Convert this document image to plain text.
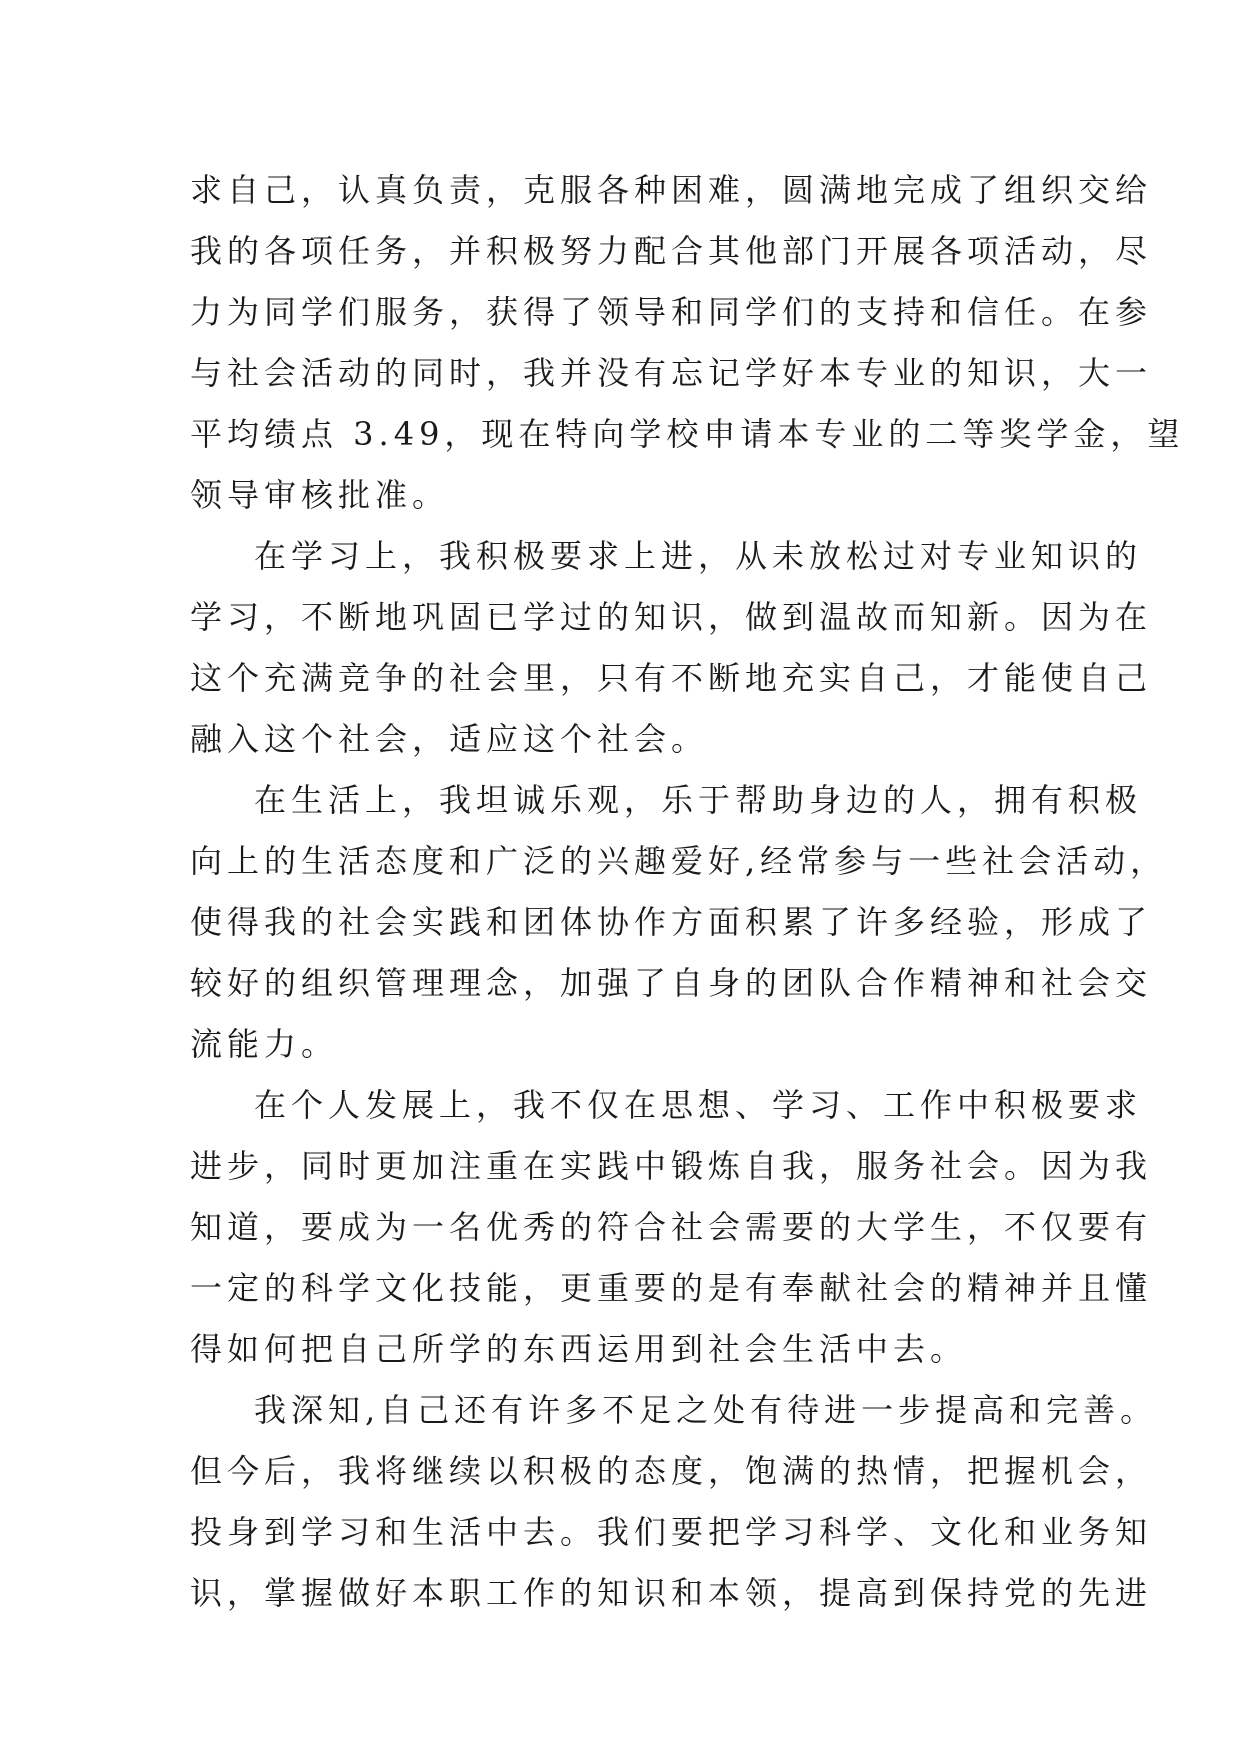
求自己，认真负责，克服各种困难，圆满地完成了组织交给
我的各项任务，并积极努力配合其他部门开展各项活动，尽
力为同学们服务，获得了领导和同学们的支持和信任。在参
与社会活动的同时，我并没有忘记学好本专业的知识，大一
平均绩点 3.49，现在特向学校申请本专业的二等奖学金，望
领导审核批准。

在学习上，我积极要求上进，从未放松过对专业知识的
学习，不断地巩固已学过的知识，做到温故而知新。因为在
这个充满竞争的社会里，只有不断地充实自己，才能使自己
融入这个社会，适应这个社会。

在生活上，我坦诚乐观，乐于帮助身边的人，拥有积极
向上的生活态度和广泛的兴趣爱好,经常参与一些社会活动，
使得我的社会实践和团体协作方面积累了许多经验，形成了
较好的组织管理理念，加强了自身的团队合作精神和社会交
流能力。

在个人发展上，我不仅在思想、学习、工作中积极要求
进步，同时更加注重在实践中锻炼自我，服务社会。因为我
知道，要成为一名优秀的符合社会需要的大学生，不仅要有
一定的科学文化技能，更重要的是有奉献社会的精神并且懂
得如何把自己所学的东西运用到社会生活中去。

我深知,自己还有许多不足之处有待进一步提高和完善。
但今后，我将继续以积极的态度，饱满的热情，把握机会，
投身到学习和生活中去。我们要把学习科学、文化和业务知
识，掌握做好本职工作的知识和本领，提高到保持党的先进
